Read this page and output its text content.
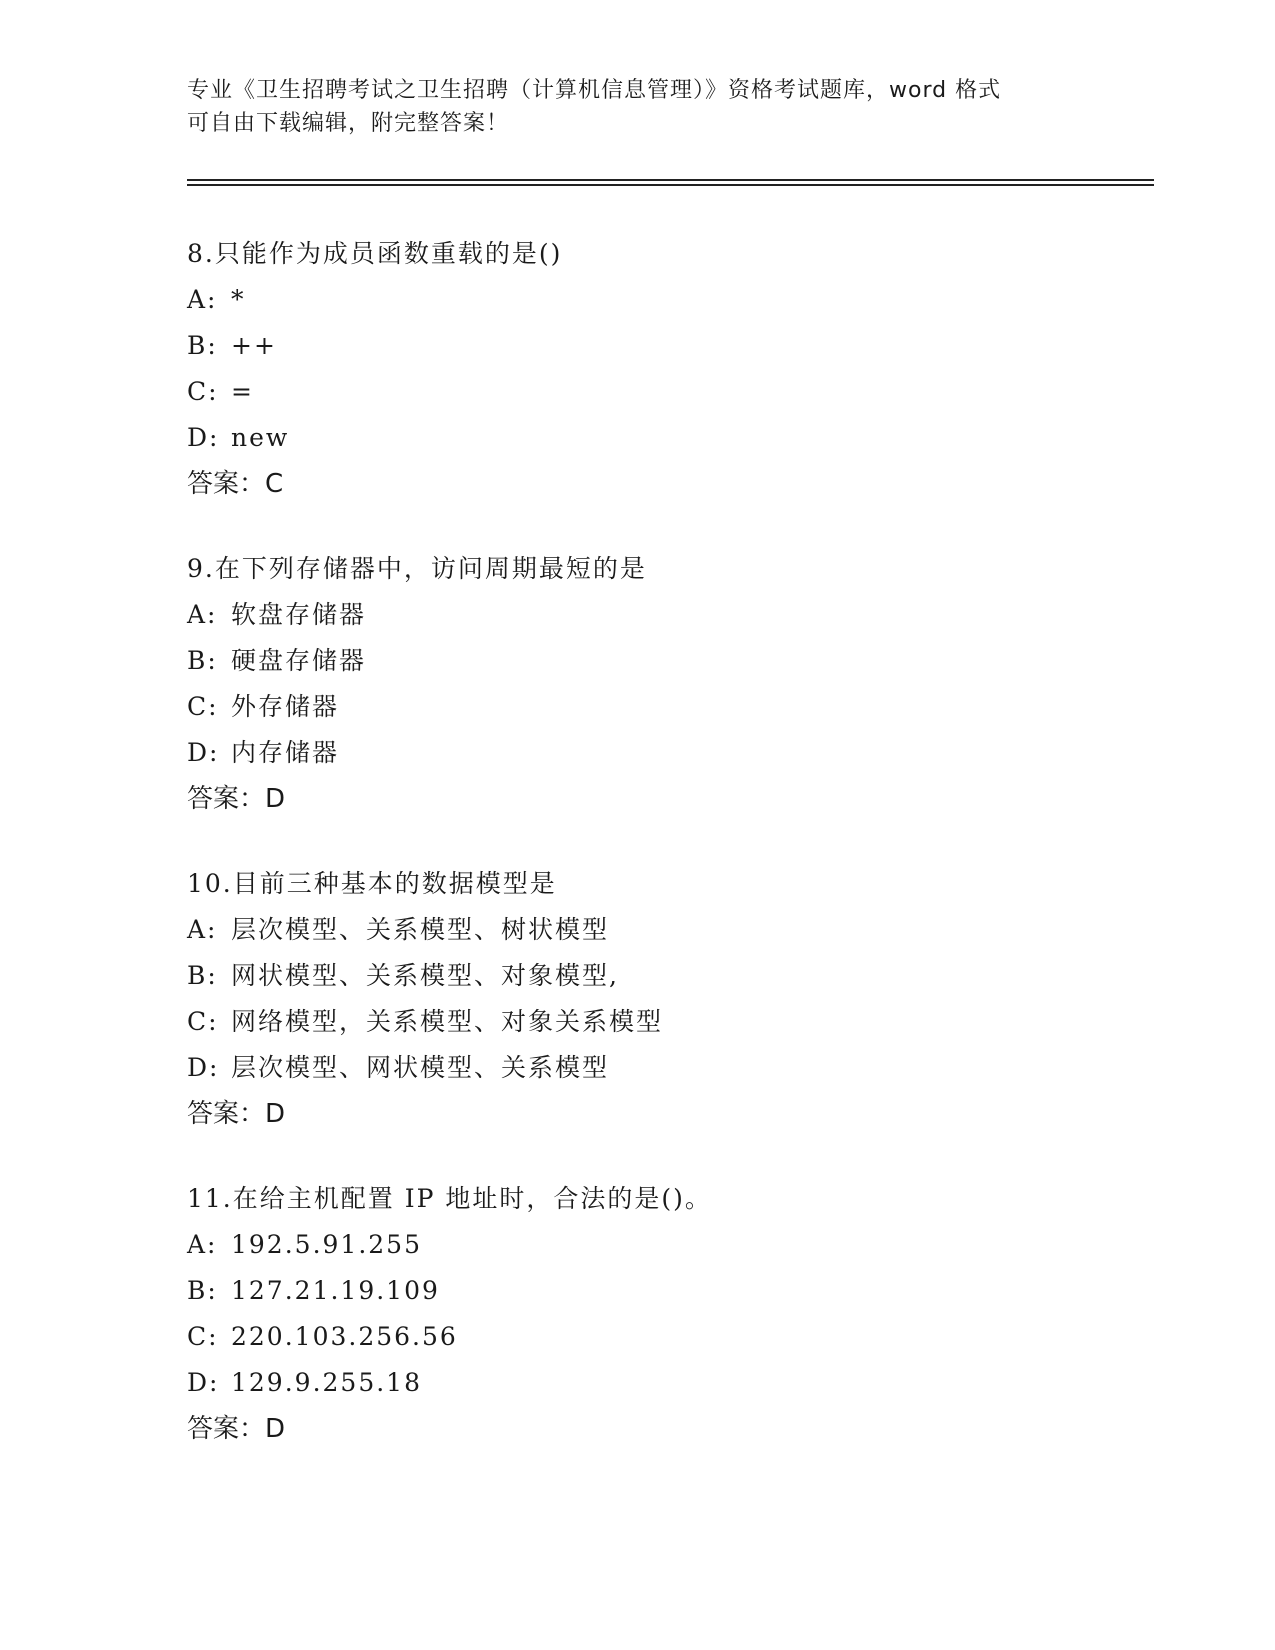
专业《卫生招聘考试之卫生招聘（计算机信息管理）》资格考试题库，word 格式
可自由下载编辑，附完整答案！
8.只能作为成员函数重载的是()
A: *
B: ++
C: =
D: new
答案：C
9.在下列存储器中，访问周期最短的是
A: 软盘存储器
B: 硬盘存储器
C: 外存储器
D: 内存储器
答案：D
10.目前三种基本的数据模型是
A: 层次模型、关系模型、树状模型
B: 网状模型、关系模型、对象模型,
C: 网络模型，关系模型、对象关系模型
D: 层次模型、网状模型、关系模型
答案：D
11.在给主机配置 IP 地址时，合法的是()。
A: 192.5.91.255
B: 127.21.19.109
C: 220.103.256.56
D: 129.9.255.18
答案：D
